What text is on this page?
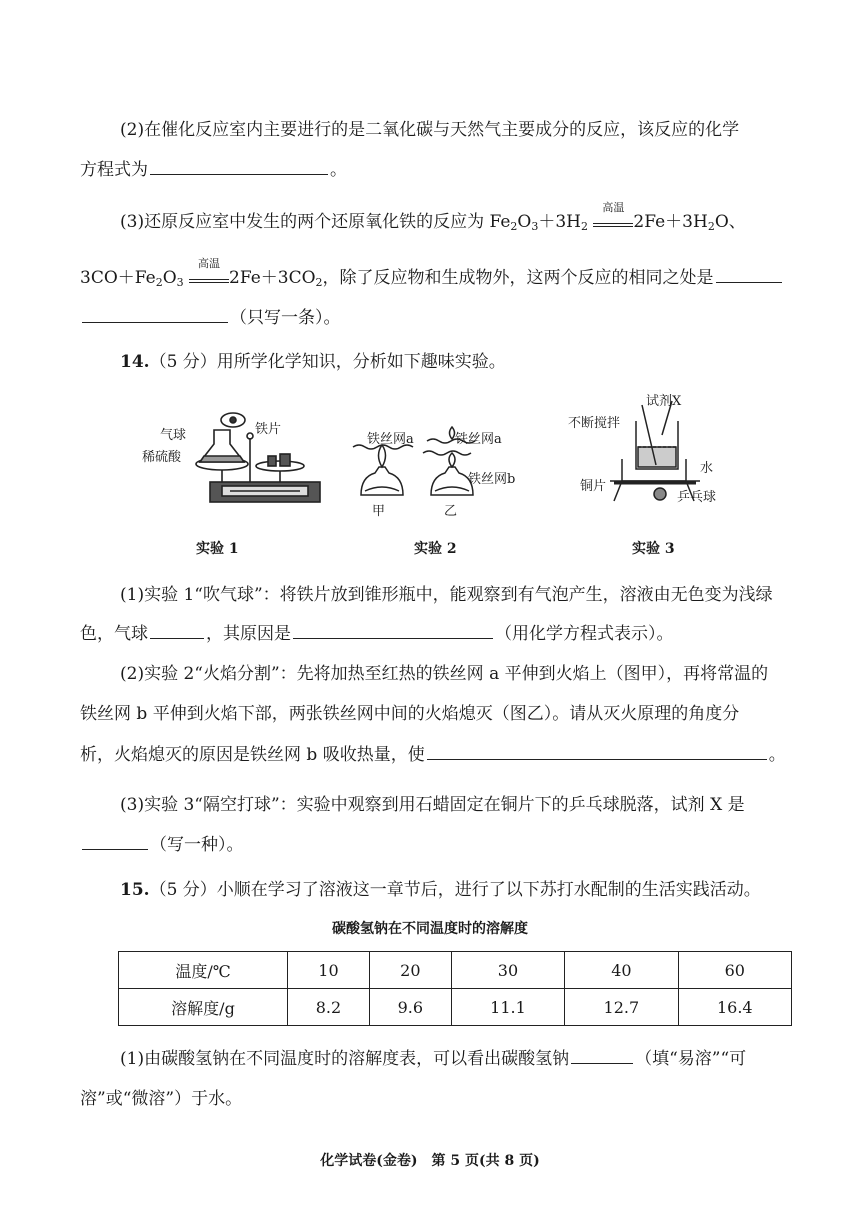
(2)在催化反应室内主要进行的是二氧化碳与天然气主要成分的反应，该反应的化学
方程式为	。
(3)还原反应室中发生的两个还原氧化铁的反应为 $Fe_2O_3+3H_2$
高温
$2Fe+3H_2O$、
$3CO+Fe_2O_3$
高温
$2Fe+3CO_2$，除了反应物和生成物外，这两个反应的相同之处是
（只写一条）。
14.（5 分）用所学化学知识，分析如下趣味实验。
气球	铁片
稀硫酸
实验 1
铁丝网a	铁丝网a
铁丝网b
甲	乙
实验 2
试剂X
不断搅拌
水
铜片
乒乓球
实验 3
(1)实验 1“吹气球”：将铁片放到锥形瓶中，能观察到有气泡产生，溶液由无色变为浅绿
色，气球	，其原因是	（用化学方程式表示）。
(2)实验 2“火焰分割”：先将加热至红热的铁丝网 a 平伸到火焰上（图甲），再将常温的
铁丝网 b 平伸到火焰下部，两张铁丝网中间的火焰熄灭（图乙）。请从灭火原理的角度分
析，火焰熄灭的原因是铁丝网 b 吸收热量，使	。
(3)实验 3“隔空打球”：实验中观察到用石蜡固定在铜片下的乒乓球脱落，试剂 X 是
（写一种）。
15.（5 分）小顺在学习了溶液这一章节后，进行了以下苏打水配制的生活实践活动。
碳酸氢钠在不同温度时的溶解度
温度/℃	10	20	30	40	60
溶解度/g	8.2	9.6	11.1	12.7	16.4
(1)由碳酸氢钠在不同温度时的溶解度表，可以看出碳酸氢钠	（填“易溶”“可
溶”或“微溶”）于水。
化学试卷(金卷)　第 5 页(共 8 页)
